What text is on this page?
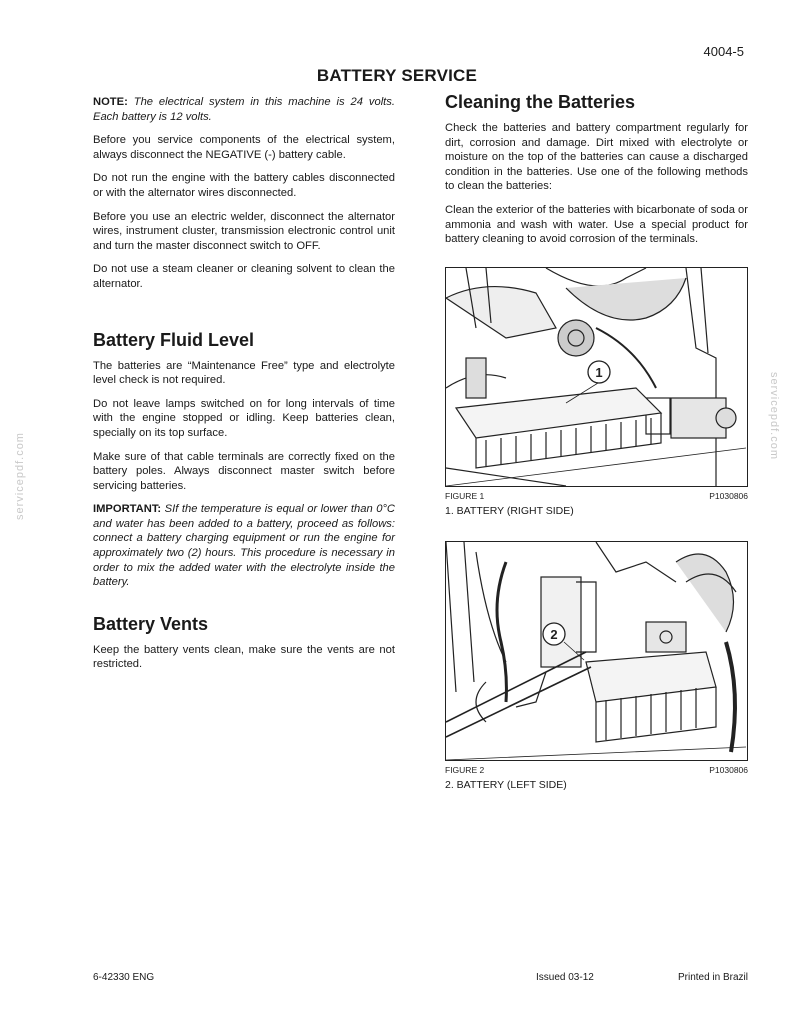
4004-5
BATTERY SERVICE
servicepdf.com
servicepdf.com

NOTE: The electrical system in this machine is 24 volts. Each battery is 12 volts.

Before you service components of the electrical system, always disconnect the NEGATIVE (-) battery cable.

Do not run the engine with the battery cables disconnected or with the alternator wires disconnected.

Before you use an electric welder, disconnect the alternator wires, instrument cluster, transmission electronic control unit and turn the master disconnect switch to OFF.

Do not use a steam cleaner or cleaning solvent to clean the alternator.

Battery Fluid Level

The batteries are “Maintenance Free” type and electrolyte level check is not required.

Do not leave lamps switched on for long intervals of time with the engine stopped or idling. Keep batteries clean, specially on its top surface.

Make sure of that cable terminals are correctly fixed on the battery poles. Always disconnect master switch before servicing batteries.

IMPORTANT: SIf the temperature is equal or lower than 0°C and water has been added to a battery, proceed as follows: connect a battery charging equipment or run the engine for approximately two (2) hours. This procedure is necessary in order to mix the added water with the electrolyte inside the battery.

Battery Vents

Keep the battery vents clean, make sure the vents are not restricted.

Cleaning the Batteries

Check the batteries and battery compartment regularly for dirt, corrosion and damage. Dirt mixed with electrolyte or moisture on the top of the batteries can cause a discharged condition in the batteries. Use one of the following methods to clean the batteries:

Clean the exterior of the batteries with bicarbonate of soda or ammonia and wash with water. Use a special product for battery cleaning to avoid corrosion of the terminals.

1
FIGURE 1	P1030806
1. BATTERY (RIGHT SIDE)
2
FIGURE 2	P1030806
2. BATTERY (LEFT SIDE)
6-42330 ENG	Issued 03-12	Printed in Brazil
